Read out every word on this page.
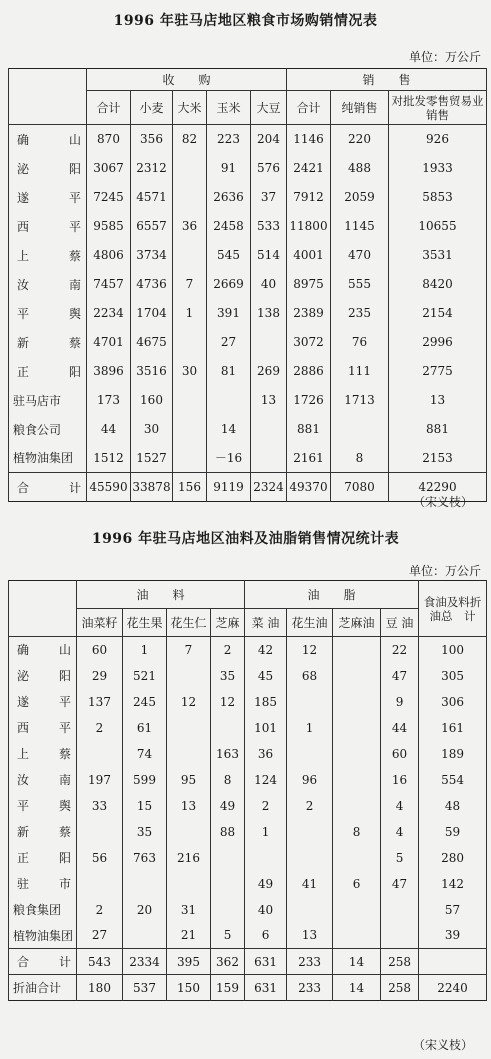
1996 年驻马店地区粮食市场购销情况表
单位：万公斤
	收　　购					销　　售		
	合计	小麦	大米	玉米	大豆	合计	纯销售	对批发零售贸易业销售

确 山	870	356	82	223	204	1146	220	926

泌 阳	3067	2312		91	576	2421	488	1933

遂 平	7245	4571		2636	37	7912	2059	5853

西 平	9585	6557	36	2458	533	11800	1145	10655

上 蔡	4806	3734		545	514	4001	470	3531

汝 南	7457	4736	7	2669	40	8975	555	8420

平 舆	2234	1704	1	391	138	2389	235	2154

新 蔡	4701	4675		27		3072	76	2996

正 阳	3896	3516	30	81	269	2886	111	2775
驻马店市	173	160			13	1726	1713	13
粮食公司	44	30		14		881		881
植物油集团	1512	1527		－16		2161	8	2153

合 计	45590	33878	156	9119	2324	49370	7080	42290
（宋义枝）
1996 年驻马店地区油料及油脂销售情况统计表
单位：万公斤
	油　　料				油　　脂				食油及料折油总　计
	油菜籽	花生果	花生仁	芝麻	菜 油	花生油	芝麻油	豆 油	

确 山	60	1	7	2	42	12		22	100

泌 阳	29	521		35	45	68		47	305

遂 平	137	245	12	12	185			9	306

西 平	2	61			101	1		44	161

上 蔡		74		163	36			60	189

汝 南	197	599	95	8	124	96		16	554

平 舆	33	15	13	49	2	2		4	48

新 蔡		35		88	1		8	4	59

正 阳	56	763	216					5	280

驻 市					49	41	6	47	142
粮食集团	2	20	31		40				57
植物油集团	27		21	5	6	13			39

合 计	543	2334	395	362	631	233	14	258	
折油合计	180	537	150	159	631	233	14	258	2240
（宋义枝）
